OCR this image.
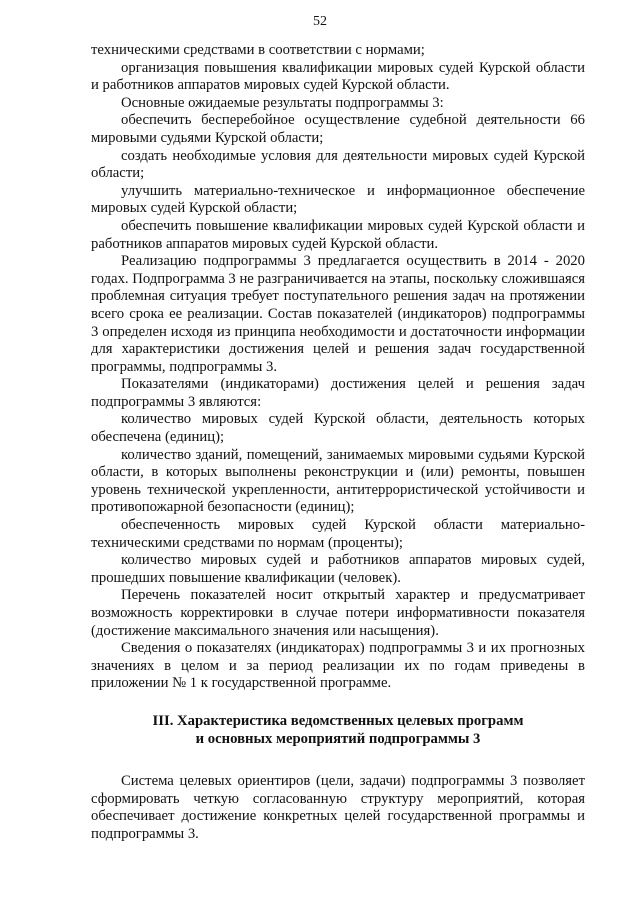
52

техническими средствами в соответствии с нормами;

организация повышения квалификации мировых судей Курской области и работников аппаратов мировых судей Курской области.

Основные ожидаемые результаты подпрограммы 3:

обеспечить бесперебойное осуществление судебной деятельности 66 мировыми судьями Курской области;

создать необходимые условия для деятельности мировых судей Курской области;

улучшить материально-техническое и информационное обеспечение мировых судей Курской области;

обеспечить повышение квалификации мировых судей Курской области и работников аппаратов мировых судей Курской области.

Реализацию подпрограммы 3 предлагается осуществить в 2014 - 2020 годах. Подпрограмма 3 не разграничивается на этапы, поскольку сложившаяся проблемная ситуация требует поступательного решения задач на протяжении всего срока ее реализации. Состав показателей (индикаторов) подпрограммы 3 определен исходя из принципа необходимости и достаточности информации для характеристики достижения целей и решения задач государственной программы, подпрограммы 3.

Показателями (индикаторами) достижения целей и решения задач подпрограммы 3 являются:

количество мировых судей Курской области, деятельность которых обеспечена (единиц);

количество зданий, помещений, занимаемых мировыми судьями Курской области, в которых выполнены реконструкции и (или) ремонты, повышен уровень технической укрепленности, антитеррористической устойчивости и противопожарной безопасности (единиц);

обеспеченность мировых судей Курской области материально-техническими средствами по нормам (проценты);

количество мировых судей и работников аппаратов мировых судей, прошедших повышение квалификации (человек).

Перечень показателей носит открытый характер и предусматривает возможность корректировки в случае потери информативности показателя (достижение максимального значения или насыщения).

Сведения о показателях (индикаторах) подпрограммы 3 и их прогнозных значениях в целом и за период реализации их по годам приведены в приложении № 1 к государственной программе.

III. Характеристика ведомственных целевых программ
и основных мероприятий подпрограммы 3

Система целевых ориентиров (цели, задачи) подпрограммы 3 позволяет сформировать четкую согласованную структуру мероприятий, которая обеспечивает достижение конкретных целей государственной программы и подпрограммы 3.
